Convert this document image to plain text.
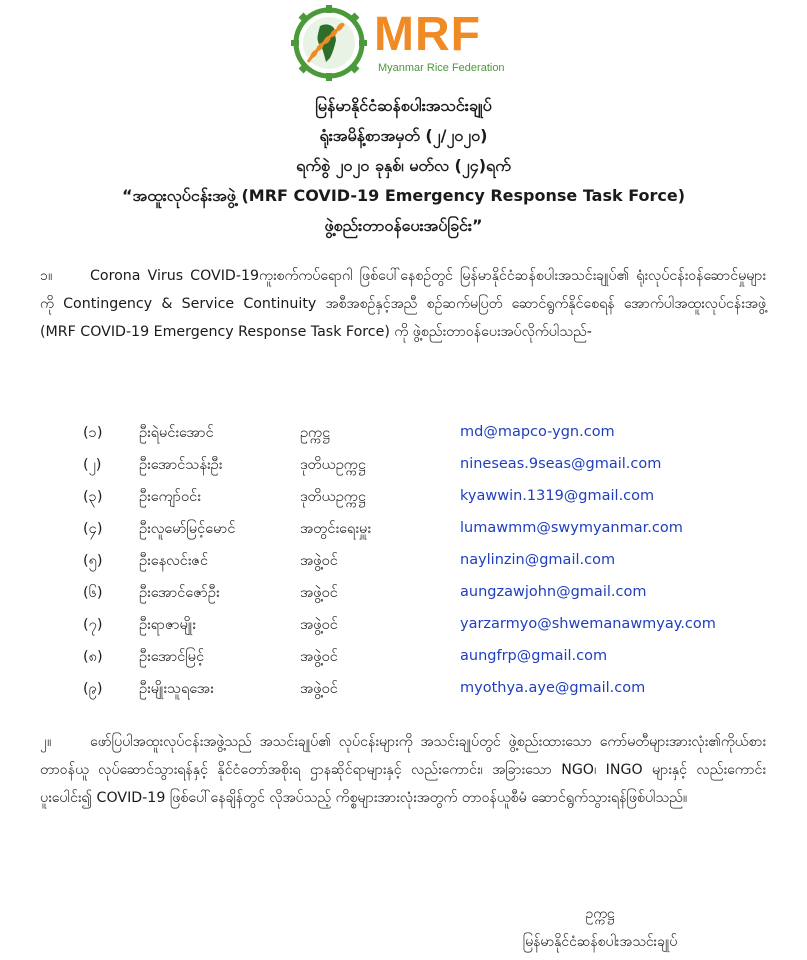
MRF
Myanmar Rice Federation
မြန်မာနိုင်ငံဆန်စပါးအသင်းချုပ်
ရုံးအမိန့်စာအမှတ် (၂/၂၀၂၀)
ရက်စွဲ ၂၀၂၀ ခုနှစ်၊ မတ်လ (၂၄)ရက်
“အထူးလုပ်ငန်းအဖွဲ့ (MRF COVID-19 Emergency Response Task Force)
ဖွဲ့စည်းတာဝန်ပေးအပ်ခြင်း”
၁။	Corona Virus COVID-19ကူးစက်ကပ်ရောဂါ ဖြစ်ပေါ်နေစဉ်တွင် မြန်မာနိုင်ငံဆန်စပါးအသင်းချုပ်၏ ရုံးလုပ်ငန်းဝန်ဆောင်မှုများကို Contingency & Service Continuity အစီအစဉ်နှင့်အညီ စဉ်ဆက်မပြတ် ဆောင်ရွက်နိုင်စေရန် အောက်ပါအထူးလုပ်ငန်းအဖွဲ့ (MRF COVID-19 Emergency Response Task Force) ကို ဖွဲ့စည်းတာဝန်ပေးအပ်လိုက်ပါသည်-
(၁)	ဦးရဲမင်းအောင်	ဥက္ကဋ္ဌ	md@mapco-ygn.com
(၂)	ဦးအောင်သန်းဦး	ဒုတိယဥက္ကဋ္ဌ	nineseas.9seas@gmail.com
(၃)	ဦးကျော်ဝင်း	ဒုတိယဥက္ကဋ္ဌ	kyawwin.1319@gmail.com
(၄)	ဦးလူမော်မြင့်မောင်	အတွင်းရေးမှူး	lumawmm@swymyanmar.com
(၅)	ဦးနေလင်းဇင်	အဖွဲ့ဝင်	naylinzin@gmail.com
(၆)	ဦးအောင်ဇော်ဦး	အဖွဲ့ဝင်	aungzawjohn@gmail.com
(၇)	ဦးရာဇာမျိုး	အဖွဲ့ဝင်	yarzarmyo@shwemanawmyay.com
(၈)	ဦးအောင်မြင့်	အဖွဲ့ဝင်	aungfrp@gmail.com
(၉)	ဦးမျိုးသူရအေး	အဖွဲ့ဝင်	myothya.aye@gmail.com
၂။	ဖော်ပြပါအထူးလုပ်ငန်းအဖွဲ့သည် အသင်းချုပ်၏ လုပ်ငန်းများကို အသင်းချုပ်တွင် ဖွဲ့စည်းထားသော ကော်မတီများအားလုံး၏ကိုယ်စား တာဝန်ယူ လုပ်ဆောင်သွားရန်နှင့် နိုင်ငံတော်အစိုးရ ဌာနဆိုင်ရာများနှင့် လည်းကောင်း၊ အခြားသော NGO၊ INGO များနှင့် လည်းကောင်း ပူးပေါင်း၍ COVID-19 ဖြစ်ပေါ်နေချိန်တွင် လိုအပ်သည့် ကိစ္စများအားလုံးအတွက် တာဝန်ယူစီမံ ဆောင်ရွက်သွားရန်ဖြစ်ပါသည်။
ဥက္ကဋ္ဌ
မြန်မာနိုင်ငံဆန်စပါးအသင်းချုပ်
